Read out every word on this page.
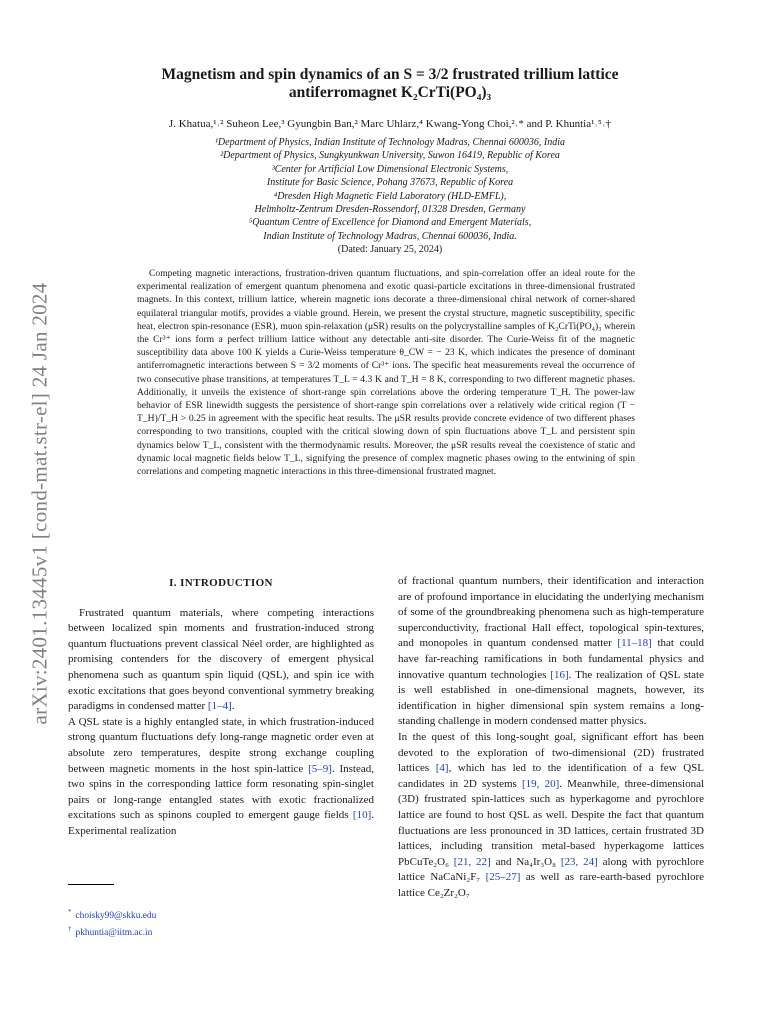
arXiv:2401.13445v1 [cond-mat.str-el] 24 Jan 2024
Magnetism and spin dynamics of an S = 3/2 frustrated trillium lattice
antiferromagnet K₂CrTi(PO₄)₃
J. Khatua,¹˒² Suheon Lee,³ Gyungbin Ban,² Marc Uhlarz,⁴ Kwang-Yong Choi,²˒* and P. Khuntia¹˒⁵˒†
¹Department of Physics, Indian Institute of Technology Madras, Chennai 600036, India
²Department of Physics, Sungkyunkwan University, Suwon 16419, Republic of Korea
³Center for Artificial Low Dimensional Electronic Systems,
Institute for Basic Science, Pohang 37673, Republic of Korea
⁴Dresden High Magnetic Field Laboratory (HLD-EMFL),
Helmholtz-Zentrum Dresden-Rossendorf, 01328 Dresden, Germany
⁵Quantum Centre of Excellence for Diamond and Emergent Materials,
Indian Institute of Technology Madras, Chennai 600036, India.
(Dated: January 25, 2024)
Competing magnetic interactions, frustration-driven quantum fluctuations, and spin-correlation offer an ideal route for the experimental realization of emergent quantum phenomena and exotic quasi-particle excitations in three-dimensional frustrated magnets. In this context, trillium lattice, wherein magnetic ions decorate a three-dimensional chiral network of corner-shared equilateral triangular motifs, provides a viable ground. Herein, we present the crystal structure, magnetic susceptibility, specific heat, electron spin-resonance (ESR), muon spin-relaxation (μSR) results on the polycrystalline samples of K₂CrTi(PO₄)₃ wherein the Cr³⁺ ions form a perfect trillium lattice without any detectable anti-site disorder. The Curie-Weiss fit of the magnetic susceptibility data above 100 K yields a Curie-Weiss temperature θ_CW = − 23 K, which indicates the presence of dominant antiferromagnetic interactions between S = 3/2 moments of Cr³⁺ ions. The specific heat measurements reveal the occurrence of two consecutive phase transitions, at temperatures T_L = 4.3 K and T_H = 8 K, corresponding to two different magnetic phases. Additionally, it unveils the existence of short-range spin correlations above the ordering temperature T_H. The power-law behavior of ESR linewidth suggests the persistence of short-range spin correlations over a relatively wide critical region (T − T_H)/T_H > 0.25 in agreement with the specific heat results. The μSR results provide concrete evidence of two different phases corresponding to two transitions, coupled with the critical slowing down of spin fluctuations above T_L and persistent spin dynamics below T_L, consistent with the thermodynamic results. Moreover, the μSR results reveal the coexistence of static and dynamic local magnetic fields below T_L, signifying the presence of complex magnetic phases owing to the entwining of spin correlations and competing magnetic interactions in this three-dimensional frustrated magnet.
I. INTRODUCTION

Frustrated quantum materials, where competing interactions between localized spin moments and frustration-induced strong quantum fluctuations prevent classical Néel order, are highlighted as promising contenders for the discovery of emergent physical phenomena such as quantum spin liquid (QSL), and spin ice with exotic excitations that goes beyond conventional symmetry breaking paradigms in condensed matter [1–4].

A QSL state is a highly entangled state, in which frustration-induced strong quantum fluctuations defy long-range magnetic order even at absolute zero temperatures, despite strong exchange coupling between magnetic moments in the host spin-lattice [5–9]. Instead, two spins in the corresponding lattice form resonating spin-singlet pairs or long-range entangled states with exotic fractionalized excitations such as spinons coupled to emergent gauge fields [10]. Experimental realization

* choisky99@skku.edu
† pkhuntia@iitm.ac.in

of fractional quantum numbers, their identification and interaction are of profound importance in elucidating the underlying mechanism of some of the groundbreaking phenomena such as high-temperature superconductivity, fractional Hall effect, topological spin-textures, and monopoles in quantum condensed matter [11–18] that could have far-reaching ramifications in both fundamental physics and innovative quantum technologies [16]. The realization of QSL state is well established in one-dimensional magnets, however, its identification in higher dimensional spin system remains a long-standing challenge in modern condensed matter physics.

In the quest of this long-sought goal, significant effort has been devoted to the exploration of two-dimensional (2D) frustrated lattices [4], which has led to the identification of a few QSL candidates in 2D systems [19, 20]. Meanwhile, three-dimensional (3D) frustrated spin-lattices such as hyperkagome and pyrochlore lattice are found to host QSL as well. Despite the fact that quantum fluctuations are less pronounced in 3D lattices, certain frustrated 3D lattices, including transition metal-based hyperkagome lattices PbCuTe₂O₆ [21, 22] and Na₄Ir₃O₈ [23, 24] along with pyrochlore lattice NaCaNi₂F₇ [25–27] as well as rare-earth-based pyrochlore lattice Ce₂Zr₂O₇
